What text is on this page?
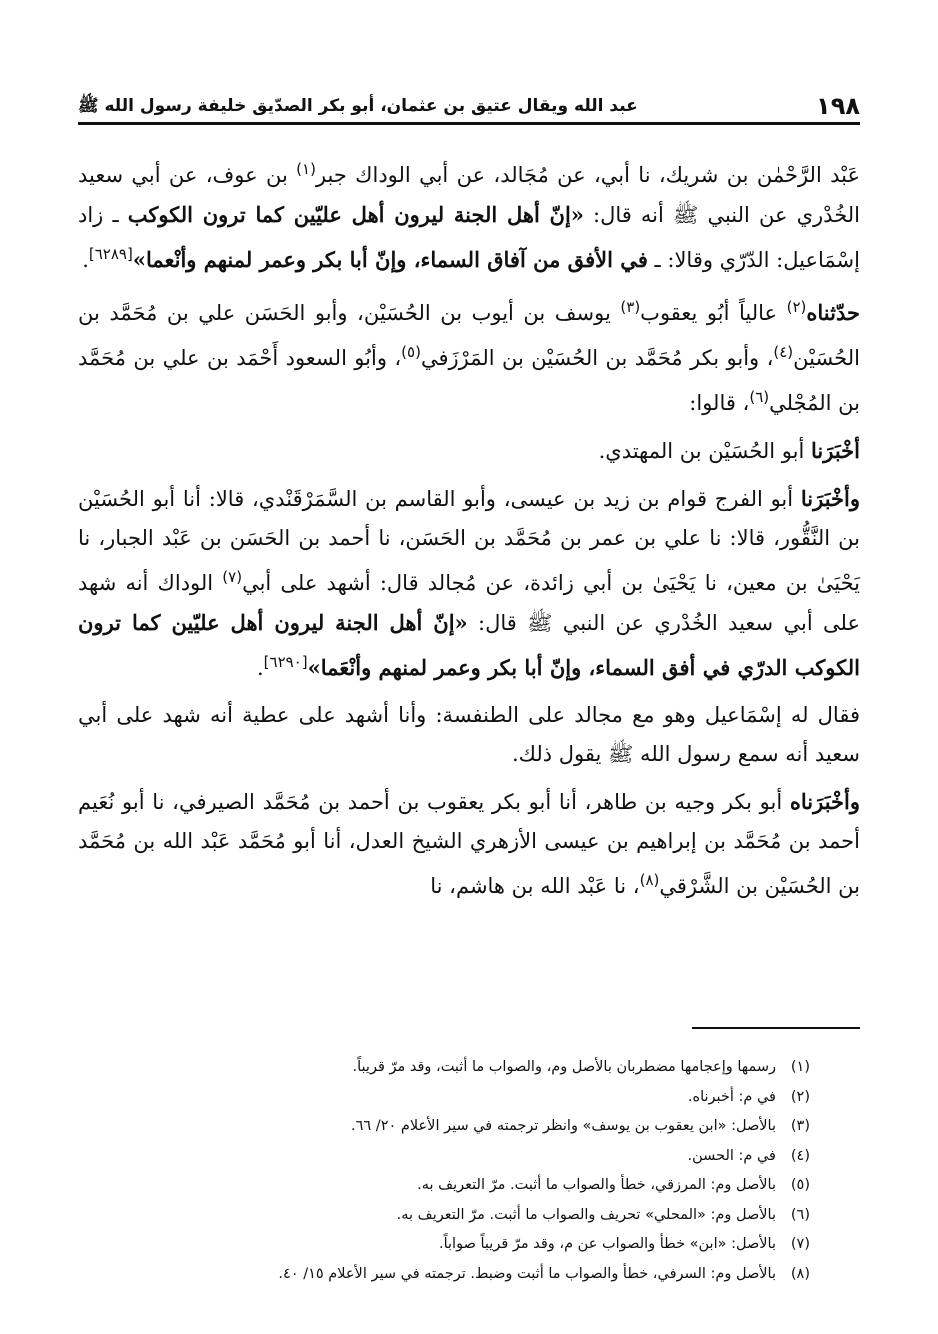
١٩٨
عبد الله ويقال عتيق بن عثمان، أبو بكر الصدّيق خليفة رسول الله ﷺ

عَبْد الرَّحْمٰن بن شريك، نا أبي، عن مُجَالد، عن أبي الوداك جبر$^{(١)}$ بن عوف، عن أبي سعيد الخُدْري عن النبي ﷺ أنه قال: «إنّ أهل الجنة ليرون أهل عليّين كما ترون الكوكب ـ زاد إسْمَاعيل: الدّرّي وقالا: ـ في الأفق من آفاق السماء، وإنّ أبا بكر وعمر لمنهم وأنْعما»[٦٢٨٩].

حدّثناه$^{(٢)}$ عالياً أبُو يعقوب$^{(٣)}$ يوسف بن أيوب بن الحُسَيْن، وأبو الحَسَن علي بن مُحَمَّد بن الحُسَيْن$^{(٤)}$، وأبو بكر مُحَمَّد بن الحُسَيْن بن المَرْزَفي$^{(٥)}$، وأبُو السعود أَحْمَد بن علي بن مُحَمَّد بن المُجْلي$^{(٦)}$، قالوا:

أخْبَرَنا أبو الحُسَيْن بن المهتدي.

وأخْبَرَنا أبو الفرج قوام بن زيد بن عيسى، وأبو القاسم بن السَّمَرْقَنْدي، قالا: أنا أبو الحُسَيْن بن النَّقُّور، قالا: نا علي بن عمر بن مُحَمَّد بن الحَسَن، نا أحمد بن الحَسَن بن عَبْد الجبار، نا يَحْيَىٰ بن معين، نا يَحْيَىٰ بن أبي زائدة، عن مُجالد قال: أشهد على أبي$^{(٧)}$ الوداك أنه شهد على أبي سعيد الخُدْري عن النبي ﷺ قال: «إنّ أهل الجنة ليرون أهل عليّين كما ترون الكوكب الدرّي في أفق السماء، وإنّ أبا بكر وعمر لمنهم وأنْعَما»[٦٢٩٠].

فقال له إسْمَاعيل وهو مع مجالد على الطنفسة: وأنا أشهد على عطية أنه شهد على أبي سعيد أنه سمع رسول الله ﷺ يقول ذلك.

وأخْبَرَناه أبو بكر وجيه بن طاهر، أنا أبو بكر يعقوب بن أحمد بن مُحَمَّد الصيرفي، نا أبو نُعَيم أحمد بن مُحَمَّد بن إبراهيم بن عيسى الأزهري الشيخ العدل، أنا أبو مُحَمَّد عَبْد الله بن مُحَمَّد بن الحُسَيْن بن الشَّرْقي$^{(٨)}$، نا عَبْد الله بن هاشم، نا

(١)
رسمها وإعجامها مضطربان بالأصل وم، والصواب ما أثبت، وقد مرّ قريباً.
(٢)
في م: أخبرناه.
(٣)
بالأصل: «ابن يعقوب بن يوسف» وانظر ترجمته في سير الأعلام ٢٠/ ٦٦.
(٤)
في م: الحسن.
(٥)
بالأصل وم: المرزقي، خطأ والصواب ما أثبت. مرّ التعريف به.
(٦)
بالأصل وم: «المحلي» تحريف والصواب ما أثبت. مرّ التعريف به.
(٧)
بالأصل: «ابن» خطأ والصواب عن م، وقد مرّ قريباً صواباً.
(٨)
بالأصل وم: السرفي، خطأ والصواب ما أثبت وضبط. ترجمته في سير الأعلام ١٥/ ٤٠.
